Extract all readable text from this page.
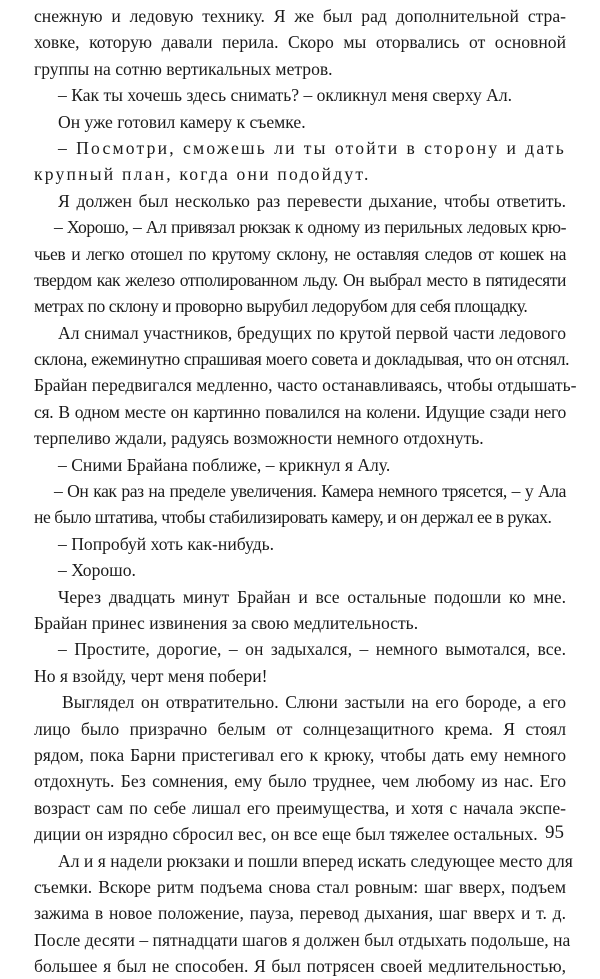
снежную и ледовую технику. Я же был рад дополнительной стра-
ховке, которую давали перила. Скоро мы оторвались от основной
группы на сотню вертикальных метров.
– Как ты хочешь здесь снимать? – окликнул меня сверху Ал.
Он уже готовил камеру к съемке.
– Посмотри, сможешь ли ты отойти в сторону и дать
крупный план, когда они подойдут.
Я должен был несколько раз перевести дыхание, чтобы ответить.
– Хорошо, – Ал привязал рюкзак к одному из перильных ледовых крю-
чьев и легко отошел по крутому склону, не оставляя следов от кошек на
твердом как железо отполированном льду. Он выбрал место в пятидесяти
метрах по склону и проворно вырубил ледорубом для себя площадку.
Ал снимал участников, бредущих по крутой первой части ледового
склона, ежеминутно спрашивая моего совета и докладывая, что он отснял.
Брайан передвигался медленно, часто останавливаясь, чтобы отдышать-
ся. В одном месте он картинно повалился на колени. Идущие сзади него
терпеливо ждали, радуясь возможности немного отдохнуть.
– Сними Брайана поближе, – крикнул я Алу.
– Он как раз на пределе увеличения. Камера немного трясется, – у Ала
не было штатива, чтобы стабилизировать камеру, и он держал ее в руках.
– Попробуй хоть как-нибудь.
– Хорошо.
Через двадцать минут Брайан и все остальные подошли ко мне.
Брайан принес извинения за свою медлительность.
– Простите, дорогие, – он задыхался, – немного вымотался, все.
Но я взойду, черт меня побери!
Выглядел он отвратительно. Слюни застыли на его бороде, а его
лицо было призрачно белым от солнцезащитного крема. Я стоял
рядом, пока Барни пристегивал его к крюку, чтобы дать ему немного
отдохнуть. Без сомнения, ему было труднее, чем любому из нас. Его
возраст сам по себе лишал его преимущества, и хотя с начала экспе-
диции он изрядно сбросил вес, он все еще был тяжелее остальных.
Ал и я надели рюкзаки и пошли вперед искать следующее место для
съемки. Вскоре ритм подъема снова стал ровным: шаг вверх, подъем
зажима в новое положение, пауза, перевод дыхания, шаг вверх и т. д.
После десяти – пятнадцати шагов я должен был отдыхать подольше, на
большее я был не способен. Я был потрясен своей медлительностью,
95
